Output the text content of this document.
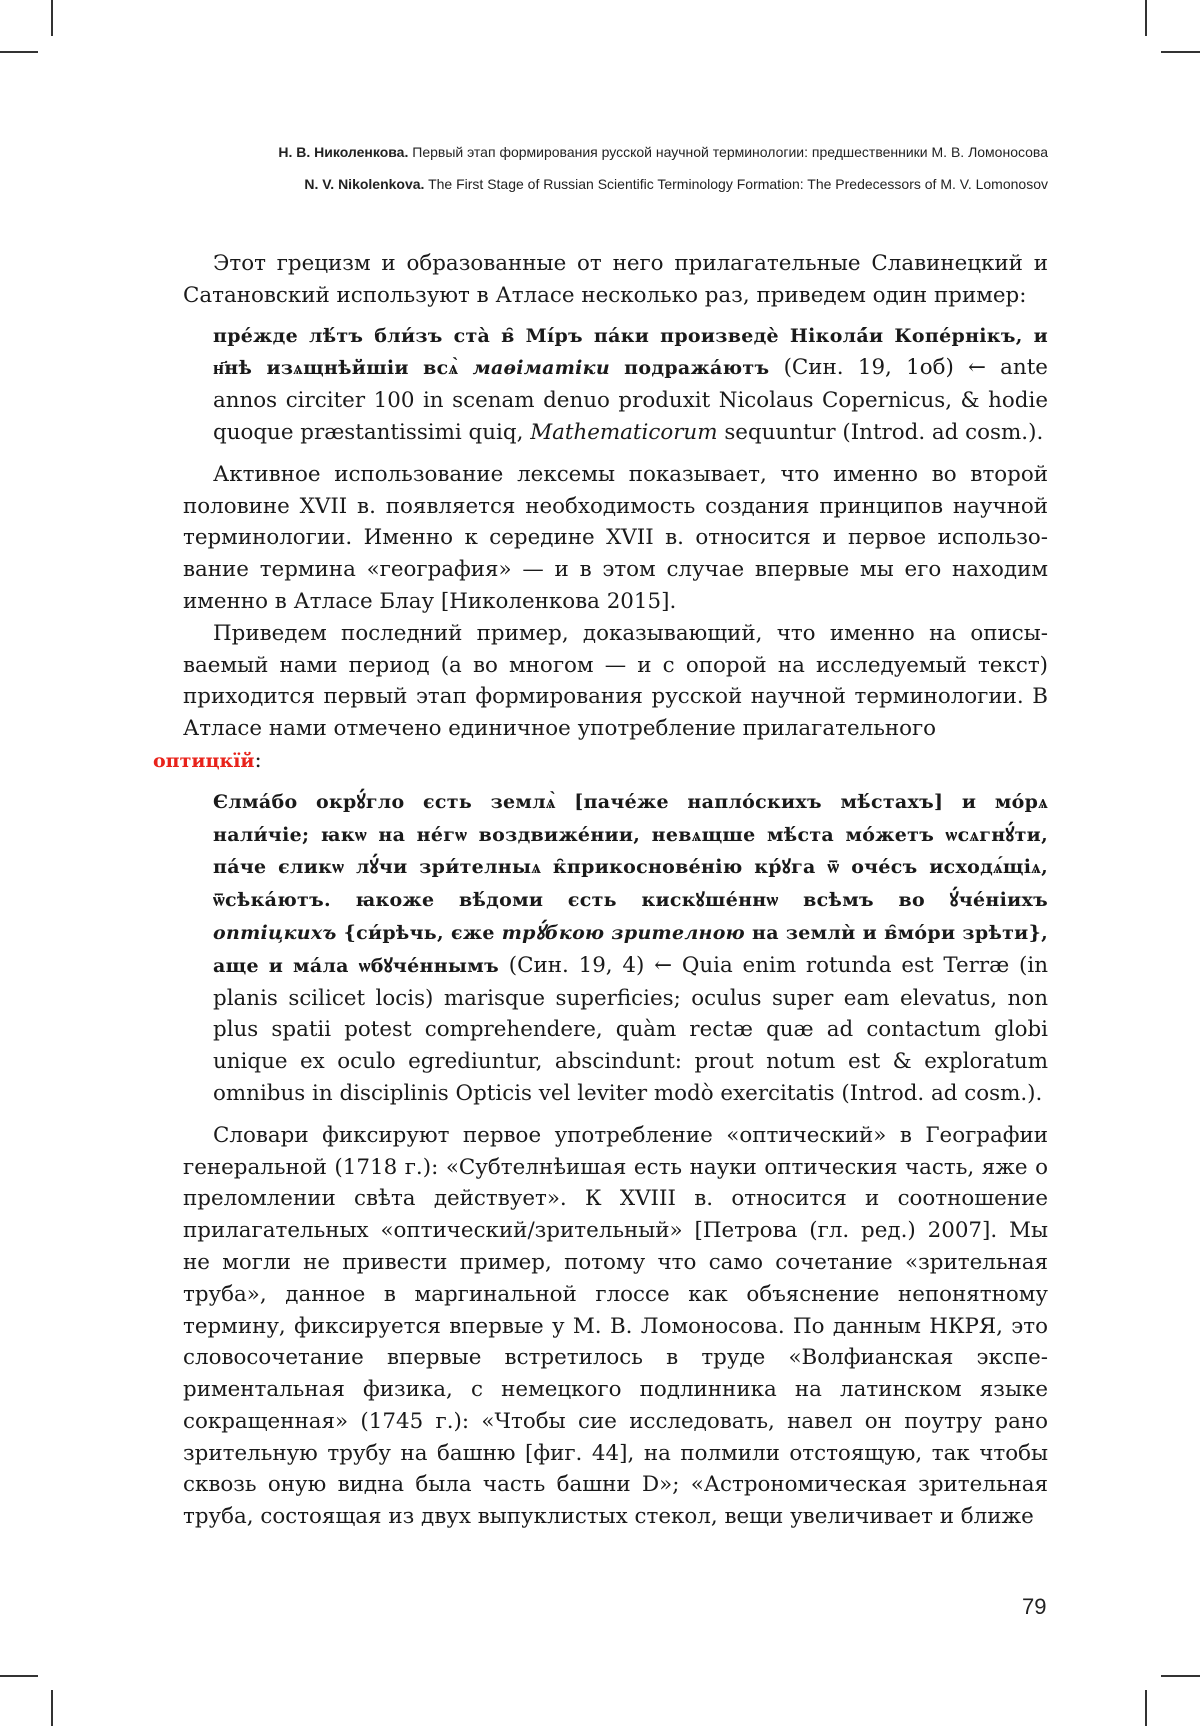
Н. В. Николенкова. Первый этап формирования русской научной терминологии: предшественники М. В. Ломоносова
N. V. Nikolenkova. The First Stage of Russian Scientific Terminology Formation: The Predecessors of M. V. Lomonosov

Этот грецизм и образованные от него прилагательные Славинецкий и Сатановский используют в Атласе несколько раз, приведем один пример:

пре́жде лѣ́тъ бли́зъ ста̀ в̑ Мі́ръ па́ки произведѐ Ніколá́и Копéрнікъ, и н҃нѣ изѧщнѣйшіи всѧ̀ маѳіматіки подража́ютъ (Син. 19, 1об) ← ante annos circiter 100 in scenam denuo produxit Nicolaus Copernicus, & hodie quoque præstantissimi quiq, Mathematicorum sequuntur (Introd. ad cosm.).

Активное использование лексемы показывает, что именно во второй половине XVII в. появляется необходимость создания принципов научной терминологии. Именно к середине XVII в. относится и первое использование термина «география» — и в этом случае впервые мы его находим именно в Атласе Блау [Николенкова 2015].

Приведем последний пример, доказывающий, что именно на описываемый нами период (а во многом — и с опорой на исследуемый текст) приходится первый этап формирования русской научной терминологии. В Атласе нами отмечено единичное употребление прилагательного
оптицкїй:

Єлма́бо окрꙋ́гло єсть землѧ̀ [паче́же напло́скихъ мѣ́стахъ] и мо́рѧ нали́чіе; ꙗкѡ на не́гѡ воздвиже́нии, невѧщше мѣ́ста мо́жетъ ѡсѧгнꙋ́ти, па́че єликѡ лꙋ́чи зри́телныѧ к̑прикосновéнію кр́ꙋга ѿ очéсъ исходѧ́щіѧ, ѿсѣка́ютъ. ꙗкоже вѣ́доми єсть кискꙋше́ннѡ всѣмъ во ꙋ́че́ніихъ оптіцкихъ {си́рѣчь, єже трꙋ́бкою зрителною на землѝ и в̑мóри зрѣти}, аще и ма́ла ѡбꙋче́ннымъ (Син. 19, 4) ← Quia enim rotunda est Terræ (in planis scilicet locis) marisque superficies; oculus super eam elevatus, non plus spatii potest comprehendere, quàm rectæ quæ ad contactum globi unique ex oculo egrediuntur, abscindunt: prout notum est & exploratum omnibus in disciplinis Opticis vel leviter modò exercitatis (Introd. ad cosm.).

Словари фиксируют первое употребление «оптический» в Географии генеральной (1718 г.): «Субтелнѣишая есть науки оптическия часть, яже о преломлении свѣта действует». К XVIII в. относится и соотношение прилагательных «оптический/зрительный» [Петрова (гл. ред.) 2007]. Мы не могли не привести пример, потому что само сочетание «зрительная труба», данное в маргинальной глоссе как объяснение непонятному термину, фиксируется впервые у М. В. Ломоносова. По данным НКРЯ, это словосочетание впервые встретилось в труде «Волфианская экспериментальная физика, с немецкого подлинника на латинском языке сокращенная» (1745 г.): «Чтобы сие исследовать, навел он поутру рано зрительную трубу на башню [фиг. 44], на полмили отстоящую, так чтобы сквозь оную видна была часть башни D»; «Астрономическая зрительная труба, состоящая из двух выпуклистых стекол, вещи увеличивает и ближе

79
